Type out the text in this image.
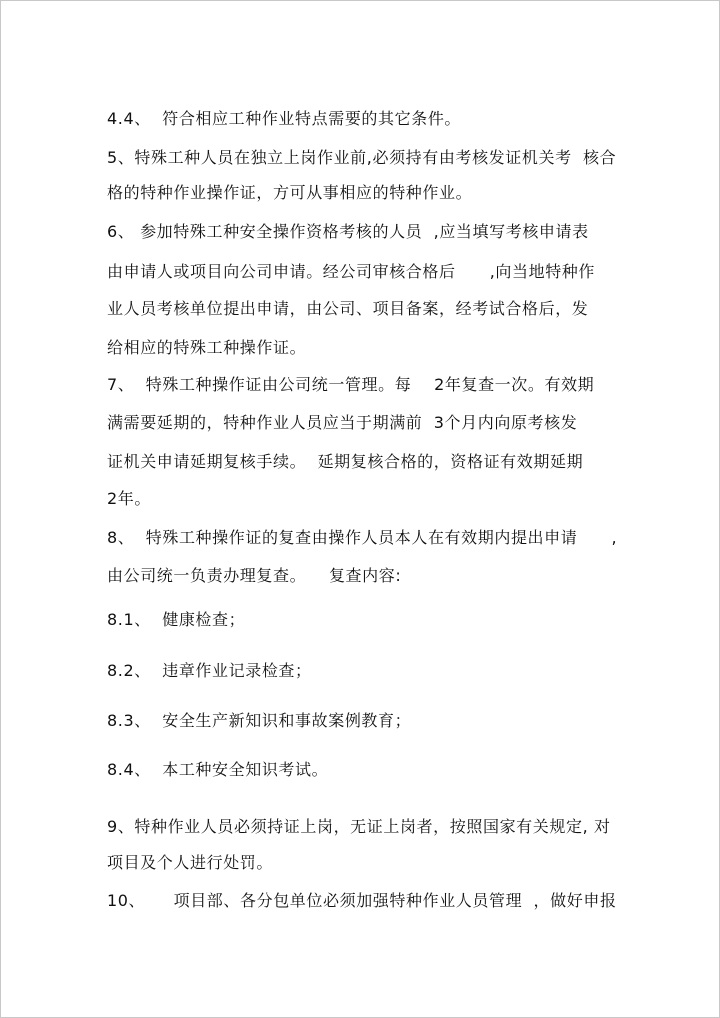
4.4、  符合相应工种作业特点需要的其它条件。
5、特殊工种人员在独立上岗作业前,必须持有由考核发证机关考  核合
格的特种作业操作证，方可从事相应的特种作业。
6、 参加特殊工种安全操作资格考核的人员  ,应当填写考核申请表
由申请人或项目向公司申请。经公司审核合格后      ,向当地特种作
业人员考核单位提出申请，由公司、项目备案，经考试合格后，发
给相应的特殊工种操作证。
7、  特殊工种操作证由公司统一管理。每    2年复查一次。有效期
满需要延期的，特种作业人员应当于期满前  3个月内向原考核发
证机关申请延期复核手续。  延期复核合格的，资格证有效期延期
2年。
8、  特殊工种操作证的复查由操作人员本人在有效期内提出申请      ,
由公司统一负责办理复查。    复查内容:
8.1、  健康检查；
8.2、  违章作业记录检查；
8.3、  安全生产新知识和事故案例教育；
8.4、  本工种安全知识考试。
9、特种作业人员必须持证上岗，无证上岗者，按照国家有关规定, 对
项目及个人进行处罚。
10、     项目部、各分包单位必须加强特种作业人员管理  ，做好申报
